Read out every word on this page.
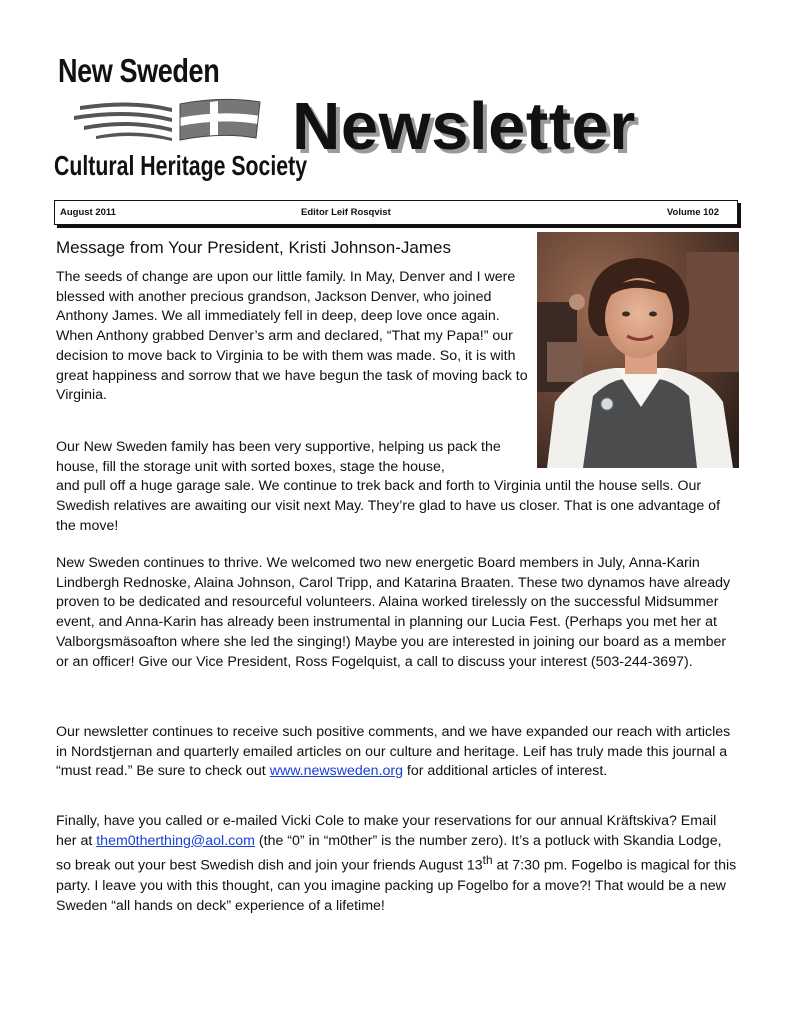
New Sweden
Cultural Heritage Society
Newsletter
August 2011	Editor Leif Rosqvist	Volume 102
Message from Your President, Kristi Johnson-James

The seeds of change are upon our little family. In May, Denver and I were blessed with another precious grandson, Jackson Denver, who joined Anthony James. We all immediately fell in deep, deep love once again. When Anthony grabbed Denver’s arm and declared, “That my Papa!” our decision to move back to Virginia to be with them was made. So, it is with great happiness and sorrow that we have begun the task of moving back to Virginia.

Our New Sweden family has been very supportive, helping us pack the house, fill the storage unit with sorted boxes, stage the house,
and pull off a huge garage sale. We continue to trek back and forth to Virginia until the house sells. Our Swedish relatives are awaiting our visit next May. They’re glad to have us closer. That is one advantage of the move!

New Sweden continues to thrive. We welcomed two new energetic Board members in July, Anna-Karin Lindbergh Rednoske, Alaina Johnson, Carol Tripp, and Katarina Braaten. These two dynamos have already proven to be dedicated and resourceful volunteers. Alaina worked tirelessly on the successful Midsummer event, and Anna-Karin has already been instrumental in planning our Lucia Fest. (Perhaps you met her at Valborgsmäsoafton where she led the singing!) Maybe you are interested in joining our board as a member or an officer! Give our Vice President, Ross Fogelquist, a call to discuss your interest (503-244-3697).

Our newsletter continues to receive such positive comments, and we have expanded our reach with articles in Nordstjernan and quarterly emailed articles on our culture and heritage. Leif has truly made this journal a “must read.” Be sure to check out www.newsweden.org for additional articles of interest.

Finally, have you called or e-mailed Vicki Cole to make your reservations for our annual Kräftskiva? Email her at them0therthing@aol.com (the “0” in “m0ther” is the number zero). It’s a potluck with Skandia Lodge, so break out your best Swedish dish and join your friends August 13th at 7:30 pm. Fogelbo is magical for this party. I leave you with this thought, can you imagine packing up Fogelbo for a move?! That would be a new Sweden “all hands on deck” experience of a lifetime!
